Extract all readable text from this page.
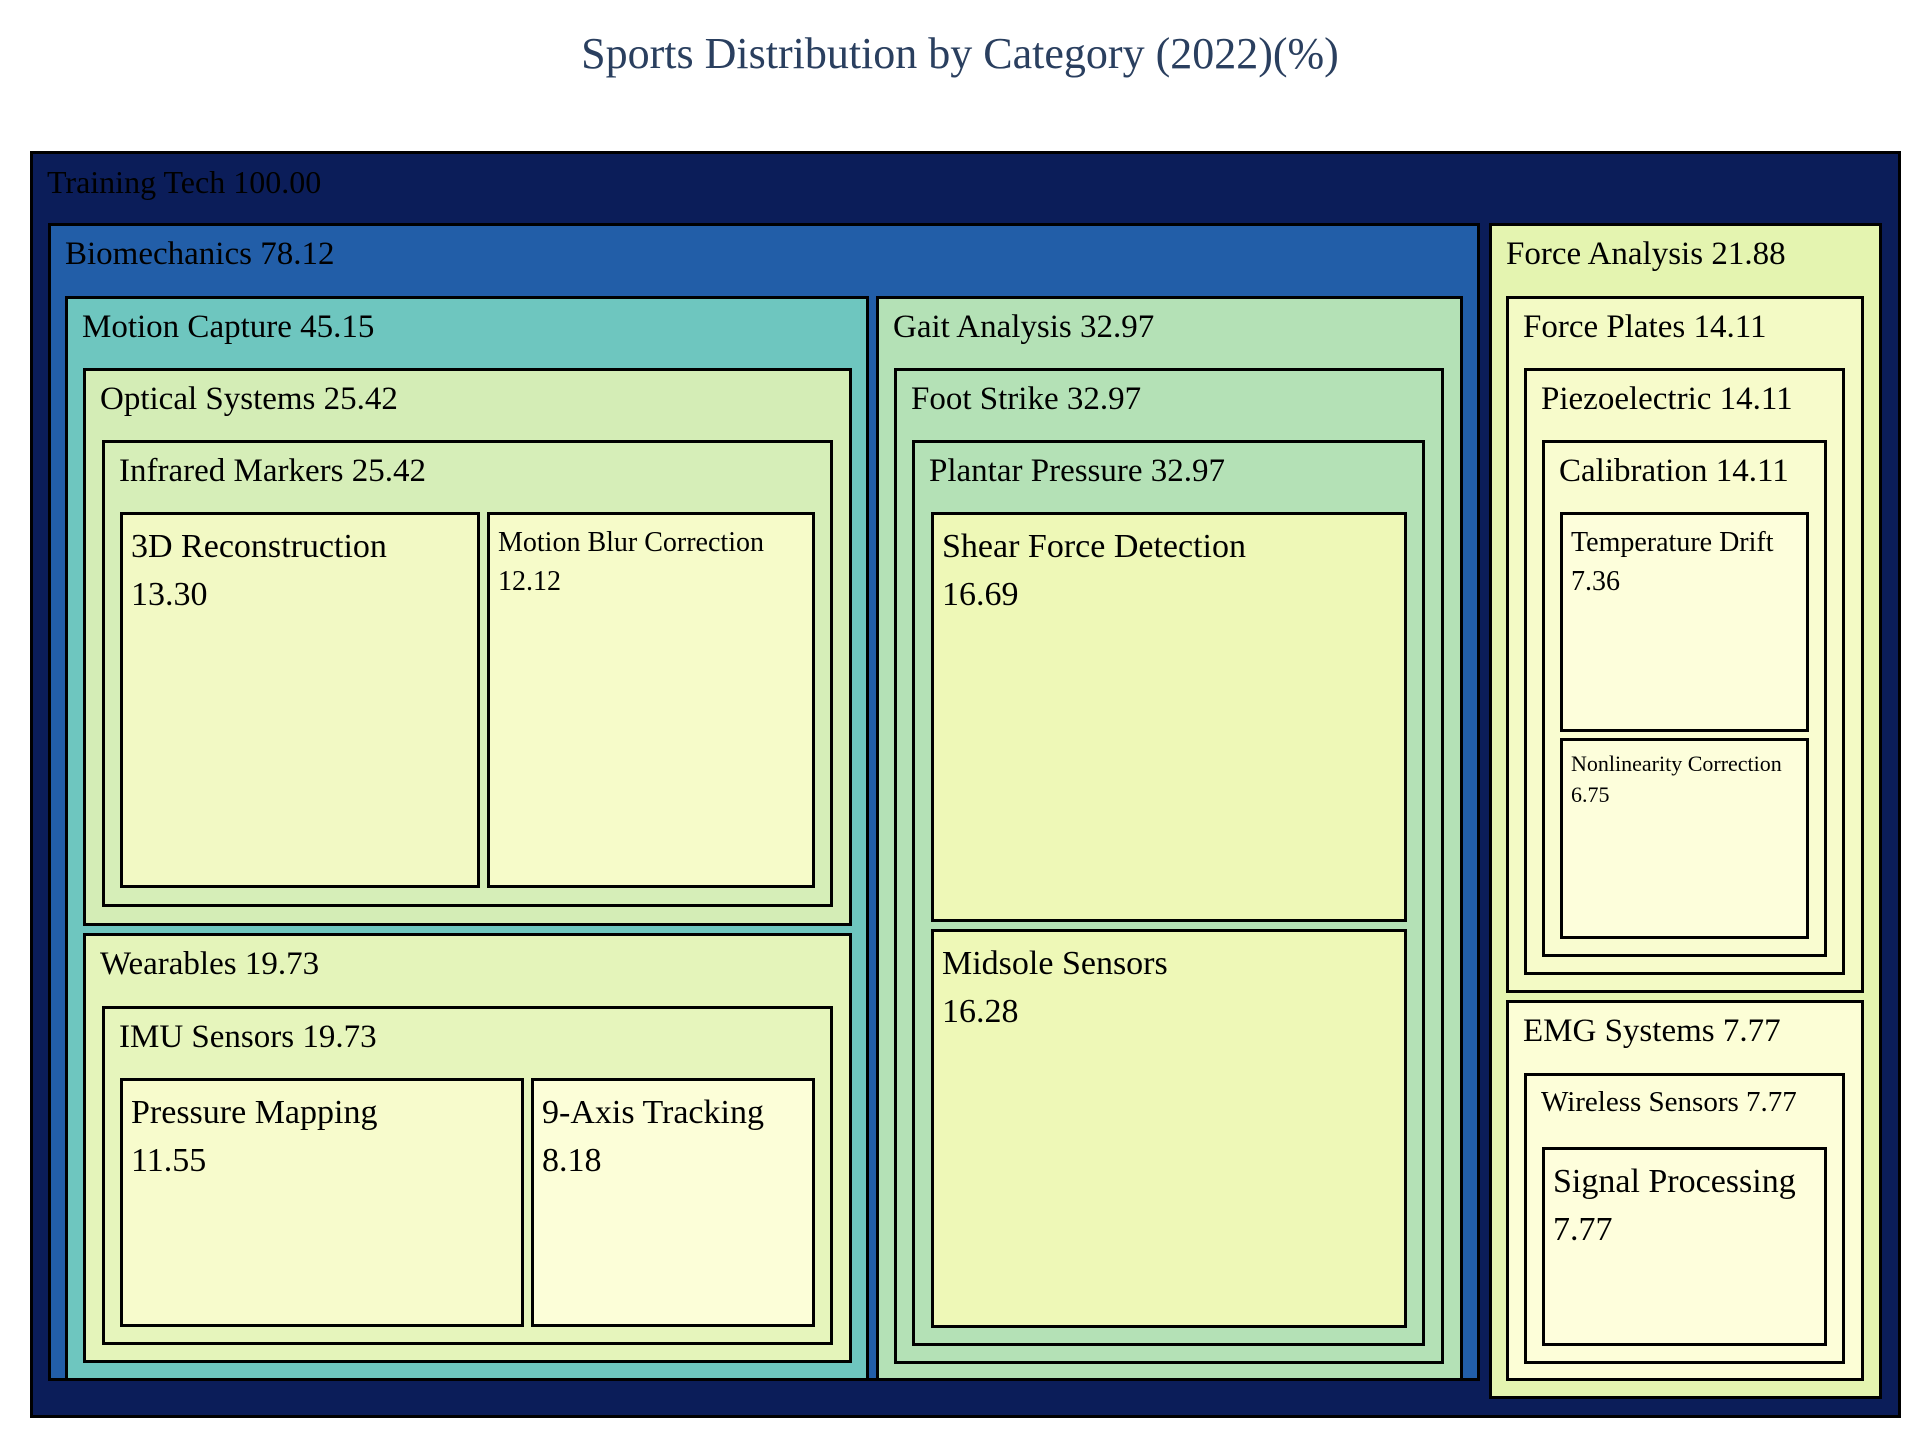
Sports Distribution by Category (2022)(%)
Training Tech 100.00
Biomechanics 78.12
Motion Capture 45.15
Optical Systems 25.42
Infrared Markers 25.42
3D Reconstruction
13.30
Motion Blur Correction
12.12
Wearables 19.73
IMU Sensors 19.73
Pressure Mapping
11.55
9-Axis Tracking
8.18
Gait Analysis 32.97
Foot Strike 32.97
Plantar Pressure 32.97
Shear Force Detection
16.69
Midsole Sensors
16.28
Force Analysis 21.88
Force Plates 14.11
Piezoelectric 14.11
Calibration 14.11
Temperature Drift
7.36
Nonlinearity Correction
6.75
EMG Systems 7.77
Wireless Sensors 7.77
Signal Processing
7.77
